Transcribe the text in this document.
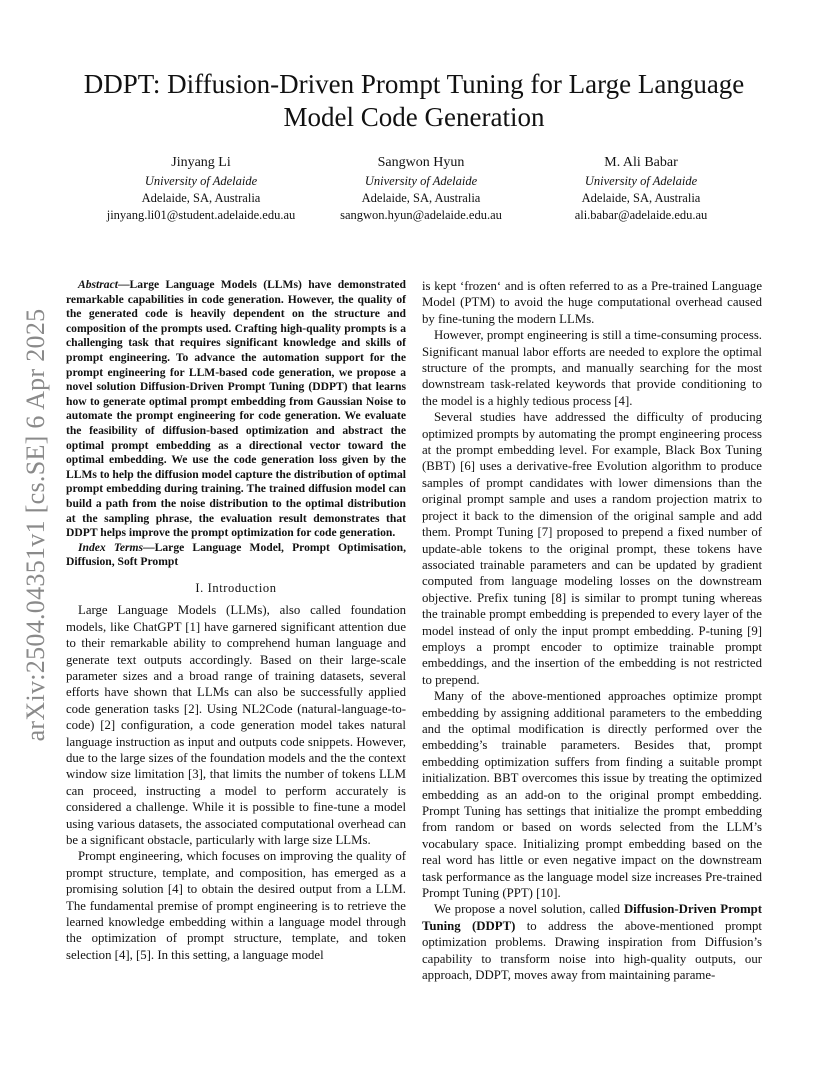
arXiv:2504.04351v1 [cs.SE] 6 Apr 2025
DDPT: Diffusion-Driven Prompt Tuning for Large Language
Model Code Generation
Jinyang Li
University of Adelaide
Adelaide, SA, Australia
jinyang.li01@student.adelaide.edu.au
Sangwon Hyun
University of Adelaide
Adelaide, SA, Australia
sangwon.hyun@adelaide.edu.au
M. Ali Babar
University of Adelaide
Adelaide, SA, Australia
ali.babar@adelaide.edu.au

Abstract—Large Language Models (LLMs) have demonstrated remarkable capabilities in code generation. However, the quality of the generated code is heavily dependent on the structure and composition of the prompts used. Crafting high-quality prompts is a challenging task that requires significant knowledge and skills of prompt engineering. To advance the automation support for the prompt engineering for LLM-based code generation, we propose a novel solution Diffusion-Driven Prompt Tuning (DDPT) that learns how to generate optimal prompt embedding from Gaussian Noise to automate the prompt engineering for code generation. We evaluate the feasibility of diffusion-based optimization and abstract the optimal prompt embedding as a directional vector toward the optimal embedding. We use the code generation loss given by the LLMs to help the diffusion model capture the distribution of optimal prompt embedding during training. The trained diffusion model can build a path from the noise distribution to the optimal distribution at the sampling phrase, the evaluation result demonstrates that DDPT helps improve the prompt optimization for code generation.

Index Terms—Large Language Model, Prompt Optimisation, Diffusion, Soft Prompt

I. Introduction

Large Language Models (LLMs), also called foundation models, like ChatGPT [1] have garnered significant attention due to their remarkable ability to comprehend human language and generate text outputs accordingly. Based on their large-scale parameter sizes and a broad range of training datasets, several efforts have shown that LLMs can also be successfully applied code generation tasks [2]. Using NL2Code (natural-language-to-code) [2] configuration, a code generation model takes natural language instruction as input and outputs code snippets. However, due to the large sizes of the foundation models and the the context window size limitation [3], that limits the number of tokens LLM can proceed, instructing a model to perform accurately is considered a challenge. While it is possible to fine-tune a model using various datasets, the associated computational overhead can be a significant obstacle, particularly with large size LLMs.

Prompt engineering, which focuses on improving the quality of prompt structure, template, and composition, has emerged as a promising solution [4] to obtain the desired output from a LLM. The fundamental premise of prompt engineering is to retrieve the learned knowledge embedding within a language model through the optimization of prompt structure, template, and token selection [4], [5]. In this setting, a language model

is kept ‘frozen‘ and is often referred to as a Pre-trained Language Model (PTM) to avoid the huge computational overhead caused by fine-tuning the modern LLMs.

However, prompt engineering is still a time-consuming process. Significant manual labor efforts are needed to explore the optimal structure of the prompts, and manually searching for the most downstream task-related keywords that provide conditioning to the model is a highly tedious process [4].

Several studies have addressed the difficulty of producing optimized prompts by automating the prompt engineering process at the prompt embedding level. For example, Black Box Tuning (BBT) [6] uses a derivative-free Evolution algorithm to produce samples of prompt candidates with lower dimensions than the original prompt sample and uses a random projection matrix to project it back to the dimension of the original sample and add them. Prompt Tuning [7] proposed to prepend a fixed number of update-able tokens to the original prompt, these tokens have associated trainable parameters and can be updated by gradient computed from language modeling losses on the downstream objective. Prefix tuning [8] is similar to prompt tuning whereas the trainable prompt embedding is prepended to every layer of the model instead of only the input prompt embedding. P-tuning [9] employs a prompt encoder to optimize trainable prompt embeddings, and the insertion of the embedding is not restricted to prepend.

Many of the above-mentioned approaches optimize prompt embedding by assigning additional parameters to the embedding and the optimal modification is directly performed over the embedding’s trainable parameters. Besides that, prompt embedding optimization suffers from finding a suitable prompt initialization. BBT overcomes this issue by treating the optimized embedding as an add-on to the original prompt embedding. Prompt Tuning has settings that initialize the prompt embedding from random or based on words selected from the LLM’s vocabulary space. Initializing prompt embedding based on the real word has little or even negative impact on the downstream task performance as the language model size increases Pre-trained Prompt Tuning (PPT) [10].

We propose a novel solution, called Diffusion-Driven Prompt Tuning (DDPT) to address the above-mentioned prompt optimization problems. Drawing inspiration from Diffusion’s capability to transform noise into high-quality outputs, our approach, DDPT, moves away from maintaining parame-
